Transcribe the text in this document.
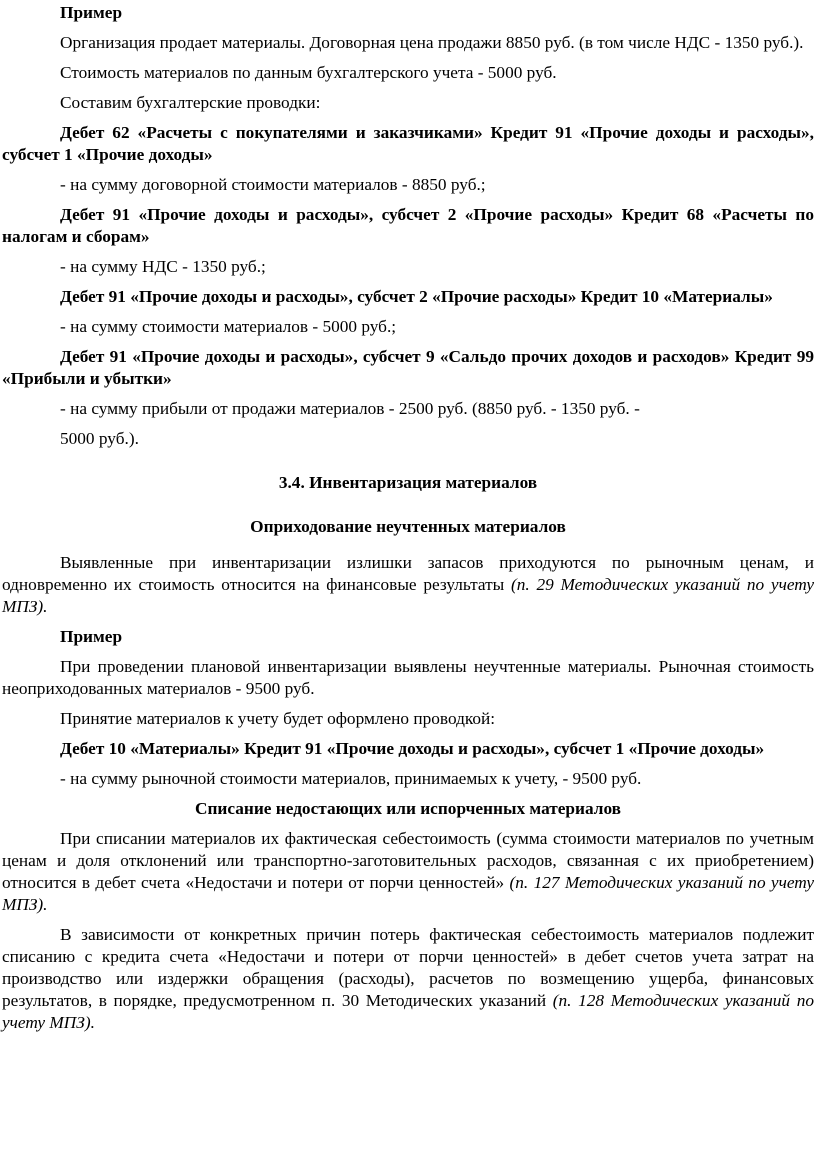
Пример

Организация продает материалы. Договорная цена продажи 8850 руб. (в том числе НДС - 1350 руб.).

Стоимость материалов по данным бухгалтерского учета - 5000 руб.

Составим бухгалтерские проводки:

Дебет 62 «Расчеты с покупателями и заказчиками» Кредит 91 «Прочие доходы и расходы», субсчет 1 «Прочие доходы»

- на сумму договорной стоимости материалов - 8850 руб.;

Дебет 91 «Прочие доходы и расходы», субсчет 2 «Прочие расходы» Кредит 68 «Расчеты по налогам и сборам»

- на сумму НДС - 1350 руб.;

Дебет 91 «Прочие доходы и расходы», субсчет 2 «Прочие расходы» Кредит 10 «Материалы»

- на сумму стоимости материалов - 5000 руб.;

Дебет 91 «Прочие доходы и расходы», субсчет 9 «Сальдо прочих доходов и расходов» Кредит 99 «Прибыли и убытки»

- на сумму прибыли от продажи материалов - 2500 руб. (8850 руб. - 1350 руб. -

5000 руб.).

3.4. Инвентаризация материалов

Оприходование неучтенных материалов

Выявленные при инвентаризации излишки запасов приходуются по рыночным ценам, и одновременно их стоимость относится на финансовые результаты (п. 29 Методических указаний по учету МПЗ).

Пример

При проведении плановой инвентаризации выявлены неучтенные материалы. Рыночная стоимость неоприходованных материалов - 9500 руб.

Принятие материалов к учету будет оформлено проводкой:

Дебет 10 «Материалы» Кредит 91 «Прочие доходы и расходы», субсчет 1 «Прочие доходы»

- на сумму рыночной стоимости материалов, принимаемых к учету, - 9500 руб.

Списание недостающих или испорченных материалов

При списании материалов их фактическая себестоимость (сумма стоимости материалов по учетным ценам и доля отклонений или транспортно-заготовительных расходов, связанная с их приобретением) относится в дебет счета «Недостачи и потери от порчи ценностей» (п. 127 Методических указаний по учету МПЗ).

В зависимости от конкретных причин потерь фактическая себестоимость материалов подлежит списанию с кредита счета «Недостачи и потери от порчи ценностей» в дебет счетов учета затрат на производство или издержки обращения (расходы), расчетов по возмещению ущерба, финансовых результатов, в порядке, предусмотренном п. 30 Методических указаний (п. 128 Методических указаний по учету МПЗ).
